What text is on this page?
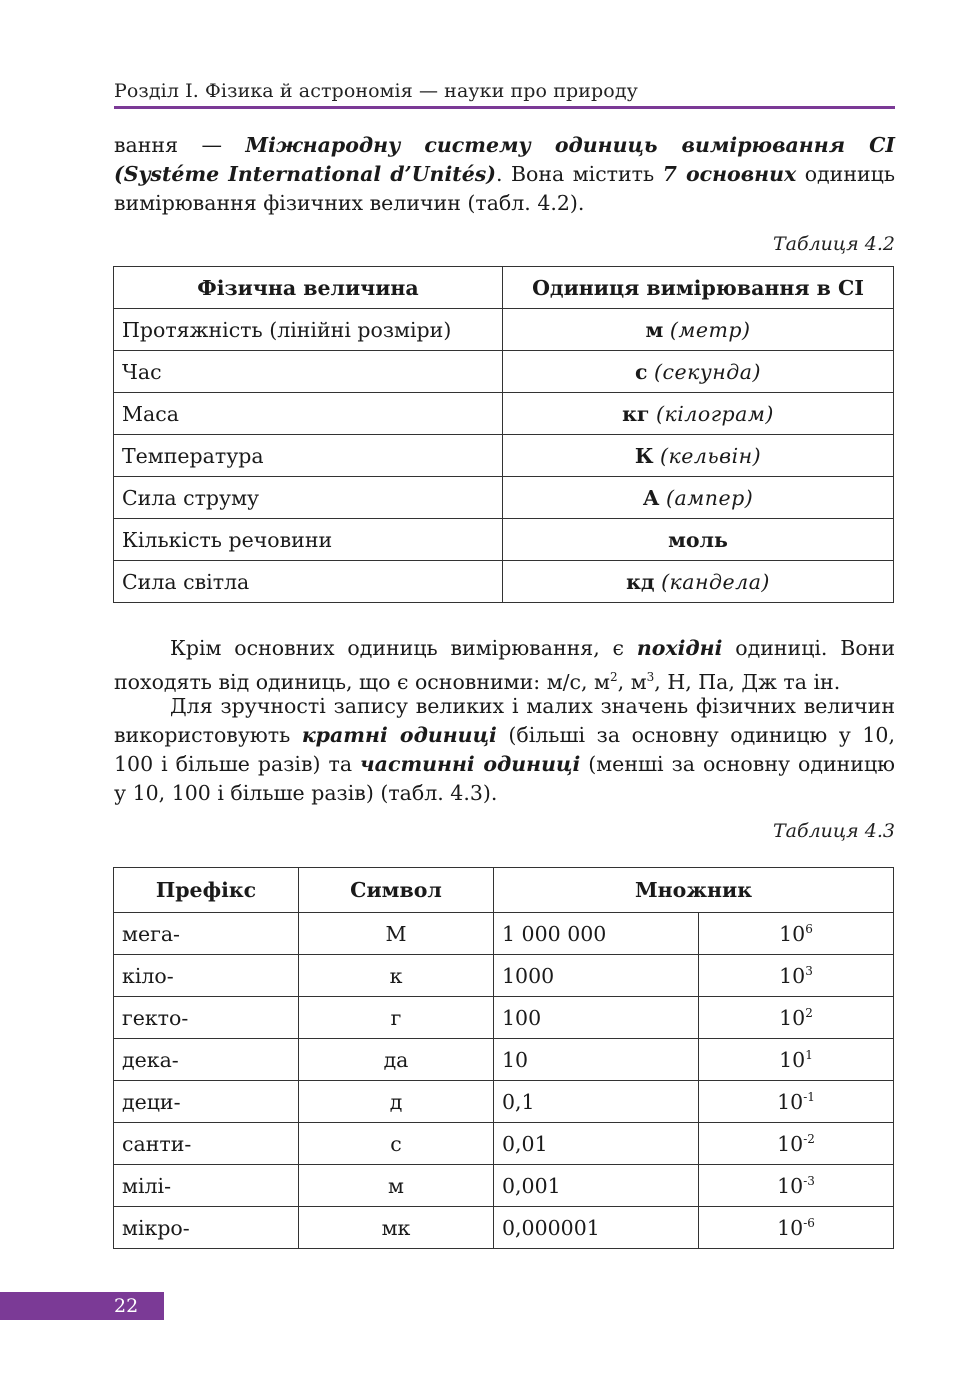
Розділ I. Фізика й астрономія — науки про природу

вання — Міжнародну систему одиниць вимірювання СІ (Systéme International d’Unités). Вона містить 7 основних одиниць вимірювання фізичних величин (табл. 4.2).

Таблиця 4.2
Фізична величина	Одиниця вимірювання в СІ
Протяжність (лінійні розміри)	м (метр)
Час	с (секунда)
Маса	кг (кілограм)
Температура	К (кельвін)
Сила струму	А (ампер)
Кількість речовини	моль
Сила світла	кд (кандела)

Крім основних одиниць вимірювання, є похідні одиниці. Вони походять від одиниць, що є основними: м/с, $м^2$, $м^3$, Н, Па, Дж та ін.

Для зручності запису великих і малих значень фізичних величин використовують кратні одиниці (більші за основну одиницю у 10, 100 і більше разів) та частинні одиниці (менші за основну одиницю у 10, 100 і більше разів) (табл. 4.3).

Таблиця 4.3
Префікс	Символ	Множник	
мега-	М	1 000 000	$10^6$
кіло-	к	1000	$10^3$
гекто-	г	100	$10^2$
дека-	да	10	$10^1$
деци-	д	0,1	$10^{-1}$
санти-	с	0,01	$10^{-2}$
мілі-	м	0,001	$10^{-3}$
мікро-	мк	0,000001	$10^{-6}$
22
